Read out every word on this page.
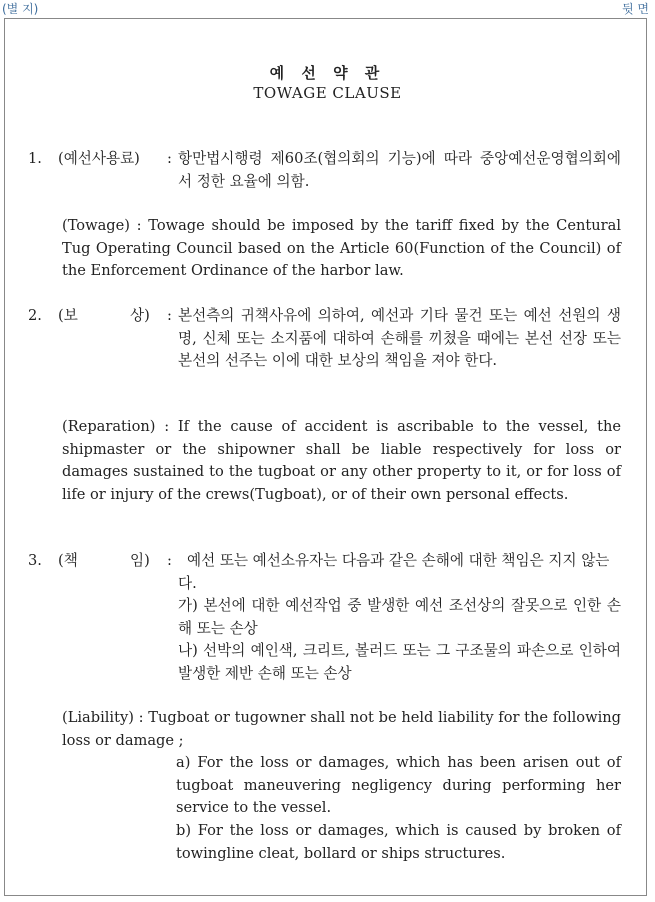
(별 지)	뒷 면
예 선 약 관
TOWAGE CLAUSE
1. (예선사용료) : 항만법시행령 제60조(협의회의 기능)에 따라 중앙예선운영협의회에서 정한 요율에 의함.

(Towage) : Towage should be imposed by the tariff fixed by the Centural Tug Operating Council based on the Article 60(Function of the Council) of the Enforcement Ordinance of the harbor law.

2. (보	상) : 본선측의 귀책사유에 의하여, 예선과 기타 물건 또는 예선 선원의 생명, 신체 또는 소지품에 대하여 손해를 끼쳤을 때에는 본선 선장 또는 본선의 선주는 이에 대한 보상의 책임을 져야 한다.

(Reparation) : If the cause of accident is ascribable to the vessel, the shipmaster or the shipowner shall be liable respectively for loss or damages sustained to the tugboat or any other property to it, or for loss of life or injury of the crews(Tugboat), or of their own personal effects.

3. (책	임) :	예선 또는 예선소유자는 다음과 같은 손해에 대한 책임은 지지 않는다.

가) 본선에 대한 예선작업 중 발생한 예선 조선상의 잘못으로 인한 손해 또는 손상

나) 선박의 예인색, 크리트, 볼러드 또는 그 구조물의 파손으로 인하여 발생한 제반 손해 또는 손상

(Liability) : Tugboat or tugowner shall not be held liability for the following loss or damage ;

a) For the loss or damages, which has been arisen out of tugboat maneuvering negligency during performing her service to the vessel.

b) For the loss or damages, which is caused by broken of towingline cleat, bollard or ships structures.
